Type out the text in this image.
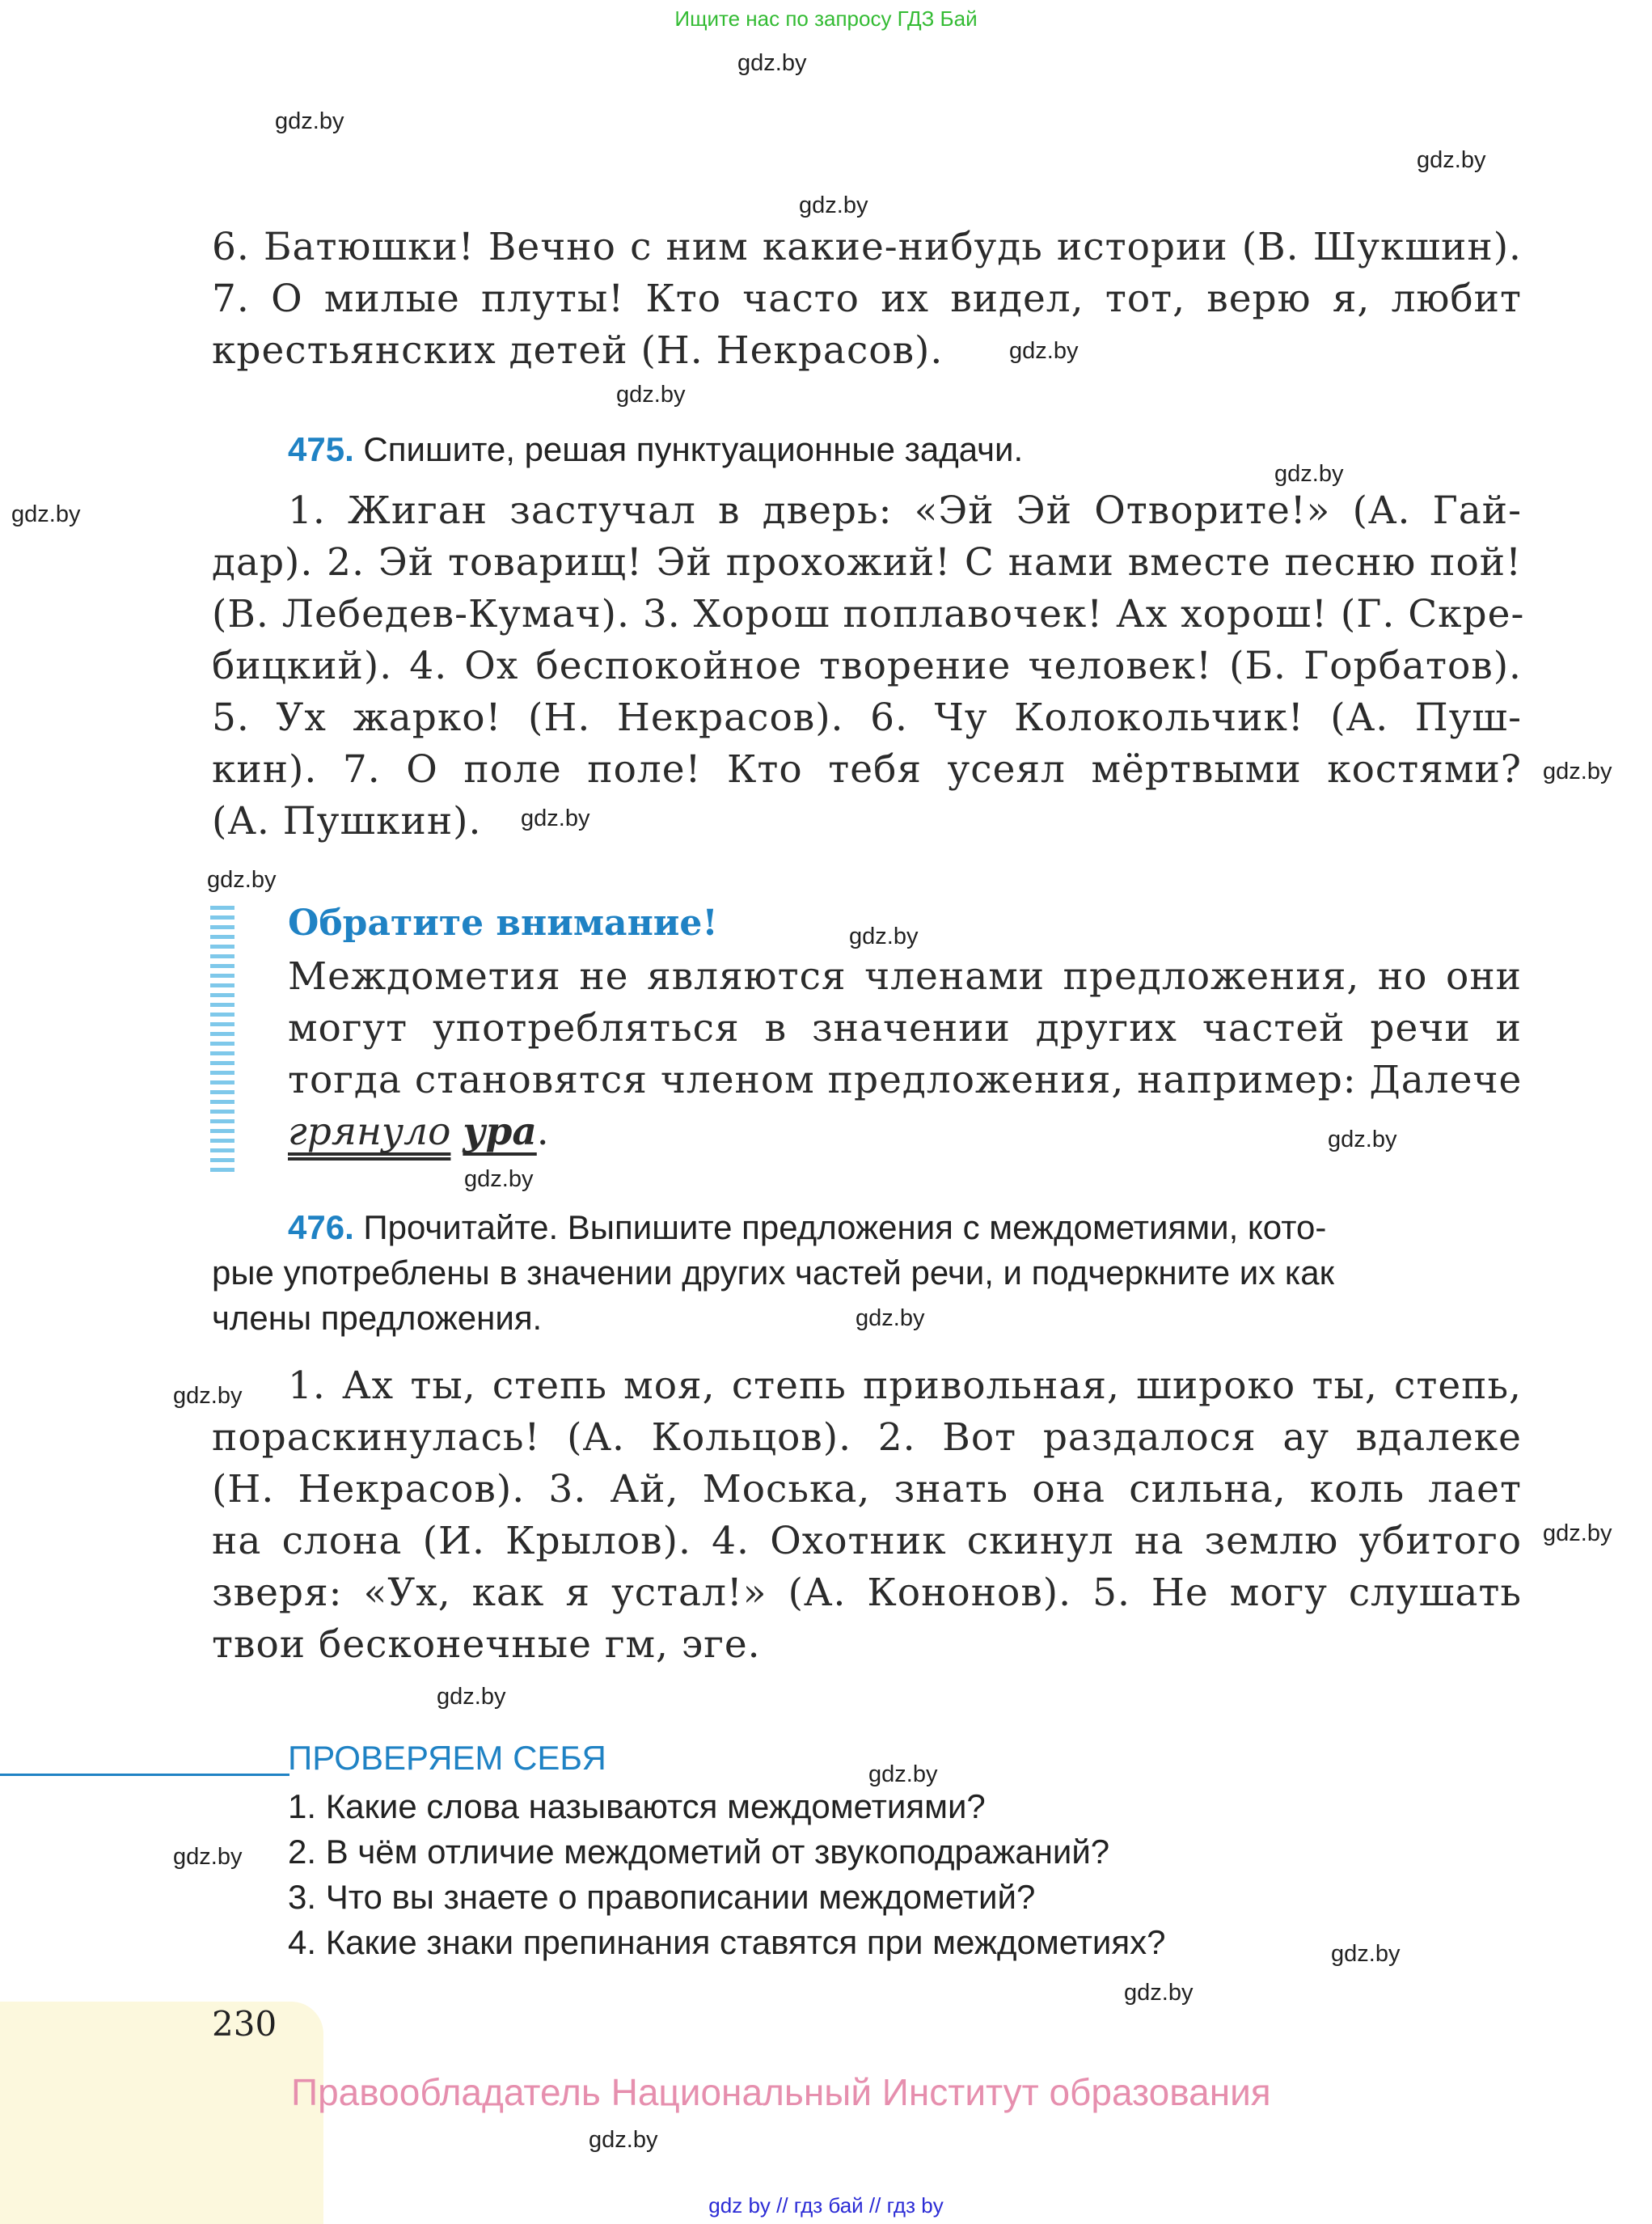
Ищите нас по запросу ГДЗ Бай
gdz.by
gdz.by
gdz.by
gdz.by
gdz.by
gdz.by
gdz.by
gdz.by
gdz.by
gdz.by
gdz.by
gdz.by
gdz.by
gdz.by
gdz.by
gdz.by
gdz.by
gdz.by
gdz.by
gdz.by
gdz.by
gdz.by
gdz.by
6. Батюшки! Вечно с ним какие-нибудь истории (В. Шукшин).
7. О милые плуты! Кто часто их видел, тот, верю я, любит
крестьянских детей (Н. Некрасов).
475. Спишите, решая пунктуационные задачи.
1. Жиган застучал в дверь: «Эй Эй Отворите!» (А. Гай-
дар). 2. Эй товарищ! Эй прохожий! С нами вместе песню пой!
(В. Лебедев-Кумач). 3. Хорош поплавочек! Ах хорош! (Г. Скре-
бицкий). 4. Ох беспокойное творение человек! (Б. Горбатов).
5. Ух жарко! (Н. Некрасов). 6. Чу Колокольчик! (А. Пуш-
кин). 7. О поле поле! Кто тебя усеял мёртвыми костями?
(А. Пушкин).
Обратите внимание!
Междометия не являются членами предложения, но они
могут употребляться в значении других частей речи и
тогда становятся членом предложения, например: Далече
грянуло ура.
476. Прочитайте. Выпишите предложения с междометиями, кото-
рые употреблены в значении других частей речи, и подчеркните их как
члены предложения.
1. Ах ты, степь моя, степь привольная, широко ты, степь,
пораскинулась! (А. Кольцов). 2. Вот раздалося ау вдалеке
(Н. Некрасов). 3. Ай, Моська, знать она сильна, коль лает
на слона (И. Крылов). 4. Охотник скинул на землю убитого
зверя: «Ух, как я устал!» (А. Кононов). 5. Не могу слушать
твои бесконечные гм, эге.
ПРОВЕРЯЕМ СЕБЯ
1. Какие слова называются междометиями?
2. В чём отличие междометий от звукоподражаний?
3. Что вы знаете о правописании междометий?
4. Какие знаки препинания ставятся при междометиях?
230
Правообладатель Национальный Институт образования
gdz by // гдз бай // гдз by
